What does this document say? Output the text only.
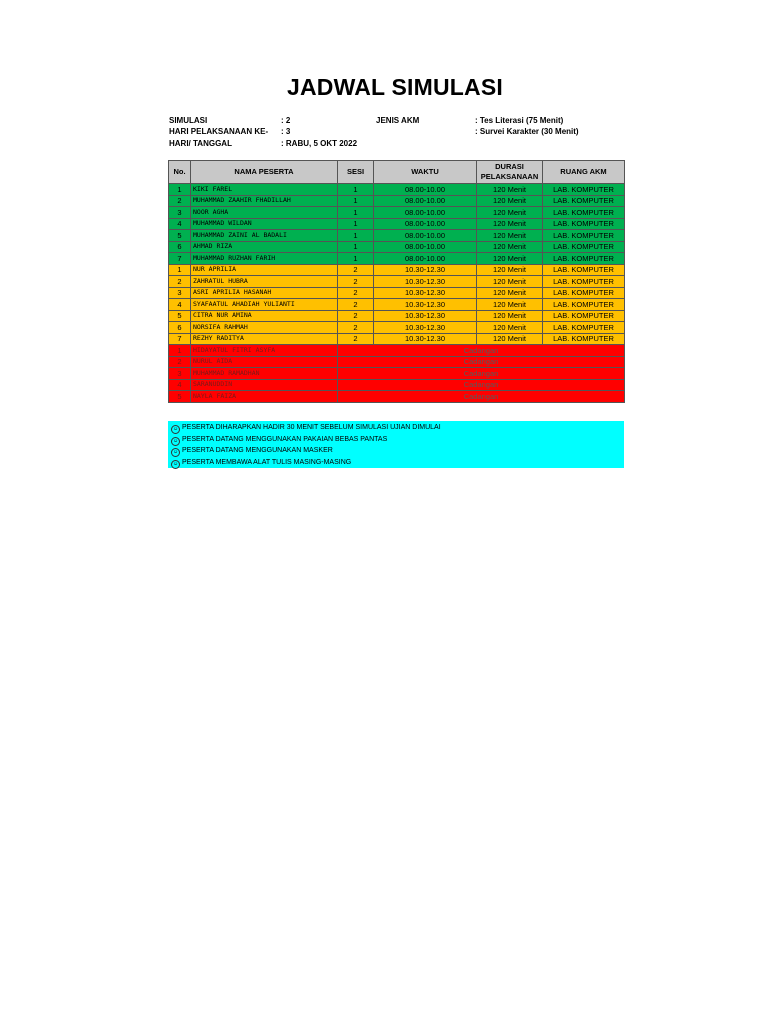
JADWAL SIMULASI
SIMULASI	: 2
HARI PELAKSANAAN KE- : 3
HARI/ TANGGAL	: RABU, 5 OKT 2022
JENIS AKM	: Tes Literasi (75 Menit)
: Survei Karakter (30 Menit)
No.	NAMA PESERTA	SESI	WAKTU	DURASI
PELAKSANAAN	RUANG AKM
1	KIKI FAREL	1	08.00-10.00	120 Menit	LAB. KOMPUTER
2	MUHAMMAD ZAAHIR FHADILLAH	1	08.00-10.00	120 Menit	LAB. KOMPUTER
3	NOOR AGHA	1	08.00-10.00	120 Menit	LAB. KOMPUTER
4	MUHAMMAD WILDAN	1	08.00-10.00	120 Menit	LAB. KOMPUTER
5	MUHAMMAD ZAINI AL BADALI	1	08.00-10.00	120 Menit	LAB. KOMPUTER
6	AHMAD RIZA	1	08.00-10.00	120 Menit	LAB. KOMPUTER
7	MUHAMMAD RUZHAN FARIH	1	08.00-10.00	120 Menit	LAB. KOMPUTER
1	NUR APRILIA	2	10.30-12.30	120 Menit	LAB. KOMPUTER
2	ZAHRATUL HUBRA	2	10.30-12.30	120 Menit	LAB. KOMPUTER
3	ASRI APRILIA HASANAH	2	10.30-12.30	120 Menit	LAB. KOMPUTER
4	SYAFAATUL AHADIAH YULIANTI	2	10.30-12.30	120 Menit	LAB. KOMPUTER
5	CITRA NUR AMINA	2	10.30-12.30	120 Menit	LAB. KOMPUTER
6	NORSIFA RAHMAH	2	10.30-12.30	120 Menit	LAB. KOMPUTER
7	REZHY RADITYA	2	10.30-12.30	120 Menit	LAB. KOMPUTER
1	HIDAYATUL FITRI ASYFA	Cadangan			
2	NURUL AIDA	Cadangan			
3	MUHAMMAD RAMADHAN	Cadangan			
4	SARANUDDIN	Cadangan			
5	NAYLA FAIZA	Cadangan			
☺ PESERTA DIHARAPKAN HADIR 30 MENIT SEBELUM SIMULASI UJIAN DIMULAI
☺ PESERTA DATANG MENGGUNAKAN PAKAIAN BEBAS PANTAS
☺ PESERTA DATANG MENGGUNAKAN MASKER
☺ PESERTA MEMBAWA ALAT TULIS MASING-MASING
